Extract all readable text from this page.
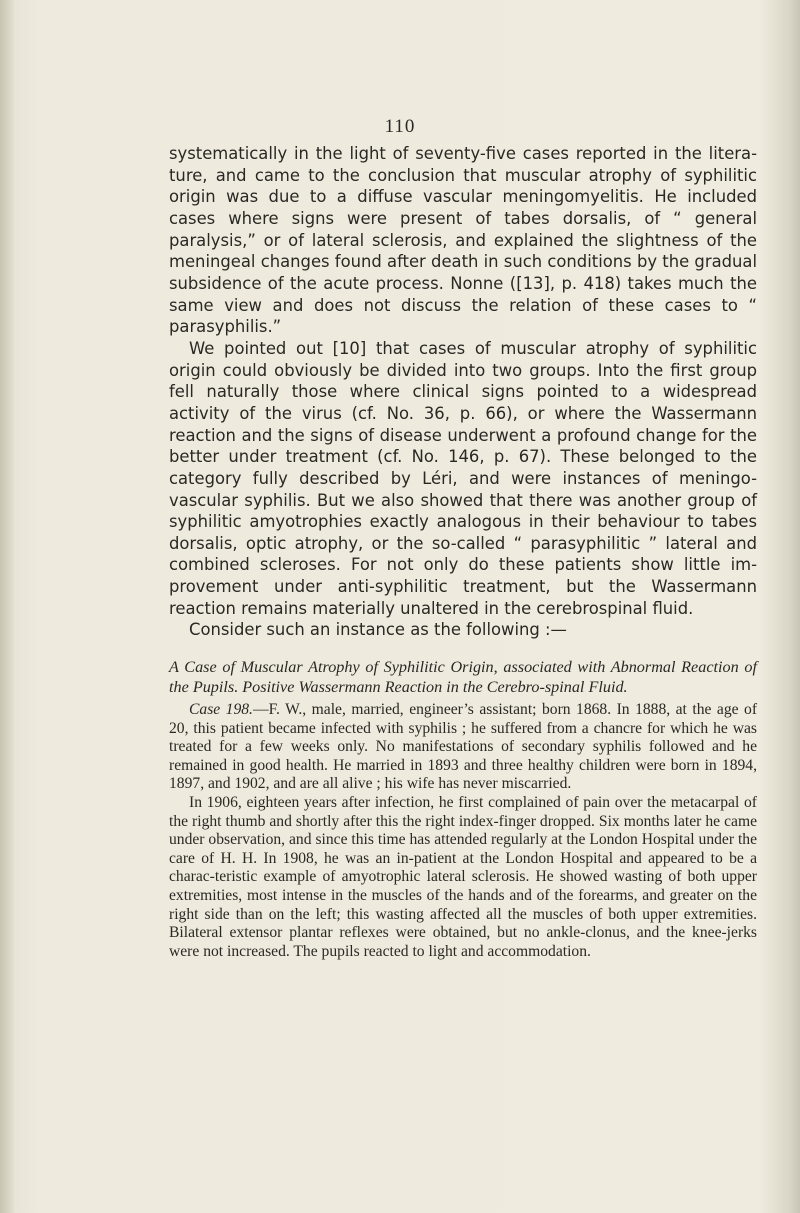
110

systematically in the light of seventy-five cases reported in the litera-ture, and came to the conclusion that muscular atrophy of syphilitic origin was due to a diffuse vascular meningomyelitis. He included cases where signs were present of tabes dorsalis, of “ general paralysis,” or of lateral sclerosis, and explained the slightness of the meningeal changes found after death in such conditions by the gradual subsidence of the acute process. Nonne ([13], p. 418) takes much the same view and does not discuss the relation of these cases to “ parasyphilis.”

We pointed out [10] that cases of muscular atrophy of syphilitic origin could obviously be divided into two groups. Into the first group fell naturally those where clinical signs pointed to a widespread activity of the virus (cf. No. 36, p. 66), or where the Wassermann reaction and the signs of disease underwent a profound change for the better under treatment (cf. No. 146, p. 67). These belonged to the category fully described by Léri, and were instances of meningo-vascular syphilis. But we also showed that there was another group of syphilitic amyotrophies exactly analogous in their behaviour to tabes dorsalis, optic atrophy, or the so-called “ parasyphilitic ” lateral and combined scleroses. For not only do these patients show little im-provement under anti-syphilitic treatment, but the Wassermann reaction remains materially unaltered in the cerebrospinal fluid.

Consider such an instance as the following :—

A Case of Muscular Atrophy of Syphilitic Origin, associated with Abnormal Reaction of the Pupils. Positive Wassermann Reaction in the Cerebro-spinal Fluid.

Case 198.—F. W., male, married, engineer’s assistant; born 1868. In 1888, at the age of 20, this patient became infected with syphilis ; he suffered from a chancre for which he was treated for a few weeks only. No manifestations of secondary syphilis followed and he remained in good health. He married in 1893 and three healthy children were born in 1894, 1897, and 1902, and are all alive ; his wife has never miscarried.

In 1906, eighteen years after infection, he first complained of pain over the metacarpal of the right thumb and shortly after this the right index-finger dropped. Six months later he came under observation, and since this time has attended regularly at the London Hospital under the care of H. H. In 1908, he was an in-patient at the London Hospital and appeared to be a charac-teristic example of amyotrophic lateral sclerosis. He showed wasting of both upper extremities, most intense in the muscles of the hands and of the forearms, and greater on the right side than on the left; this wasting affected all the muscles of both upper extremities. Bilateral extensor plantar reflexes were obtained, but no ankle-clonus, and the knee-jerks were not increased. The pupils reacted to light and accommodation.
